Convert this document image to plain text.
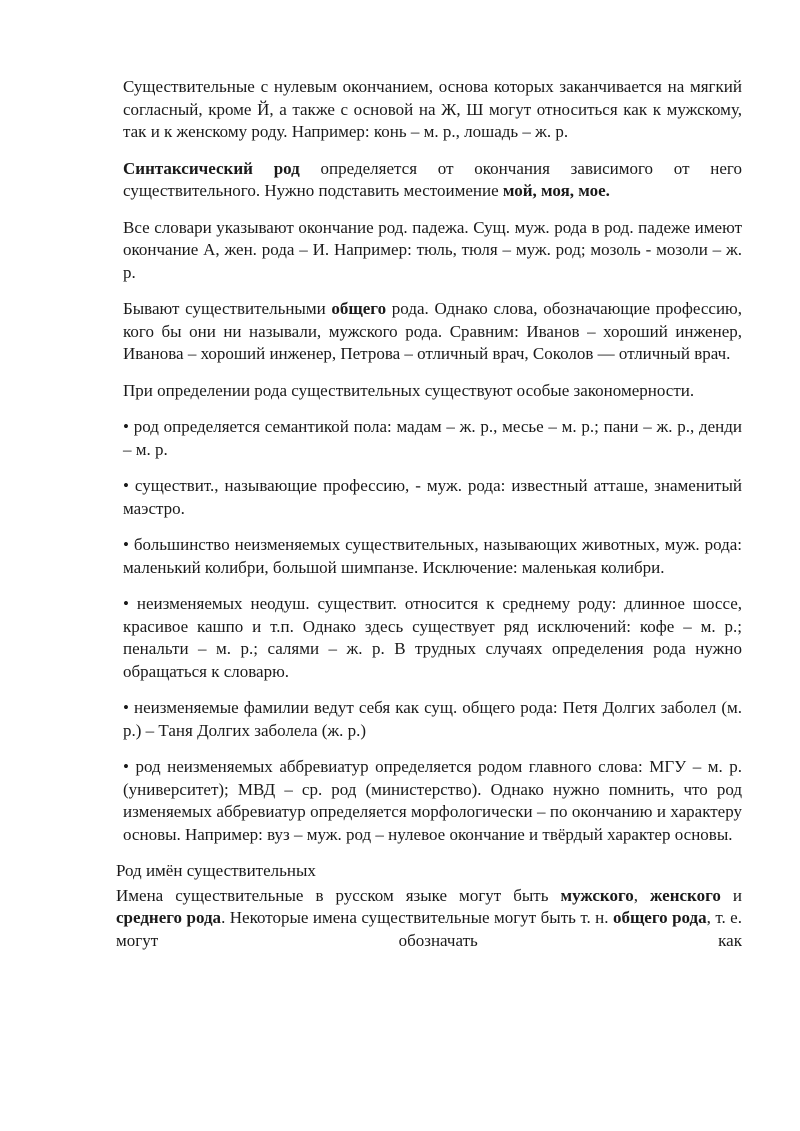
Существительные с нулевым окончанием, основа которых заканчивается на мягкий согласный, кроме Й, а также с основой на Ж, Ш могут относиться как к мужскому, так и к женскому роду. Например: конь – м. р., лошадь – ж. р.

Синтаксический род определяется от окончания зависимого от него существительного. Нужно подставить местоимение мой, моя, мое.

Все словари указывают окончание род. падежа. Сущ. муж. рода в род. падеже имеют окончание А, жен. рода – И. Например: тюль, тюля – муж. род; мозоль - мозоли – ж. р.

Бывают существительными общего рода. Однако слова, обозначающие профессию, кого бы они ни называли, мужского рода. Сравним: Иванов – хороший инженер, Иванова – хороший инженер, Петрова – отличный врач, Соколов — отличный врач.

При определении рода существительных существуют особые закономерности.

• род определяется семантикой пола: мадам – ж. р., месье – м. р.; пани – ж. р., денди – м. р.

• существит., называющие профессию, - муж. рода: известный атташе, знаменитый маэстро.

• большинство неизменяемых существительных, называющих животных, муж. рода: маленький колибри, большой шимпанзе. Исключение: маленькая колибри.

• неизменяемых неодуш. существит. относится к среднему роду: длинное шоссе, красивое кашпо и т.п. Однако здесь существует ряд исключений: кофе – м. р.; пенальти – м. р.; салями – ж. р. В трудных случаях определения рода нужно обращаться к словарю.

• неизменяемые фамилии ведут себя как сущ. общего рода: Петя Долгих заболел (м. р.) – Таня Долгих заболела (ж. р.)

• род неизменяемых аббревиатур определяется родом главного слова: МГУ – м. р. (университет); МВД – ср. род (министерство). Однако нужно помнить, что род изменяемых аббревиатур определяется морфологически – по окончанию и характеру основы. Например: вуз – муж. род – нулевое окончание и твёрдый характер основы.

Род имён существительных

Имена существительные в русском языке могут быть мужского, женского и среднего рода. Некоторые имена существительные могут быть т. н. общего рода, т. е. могут обозначать как
